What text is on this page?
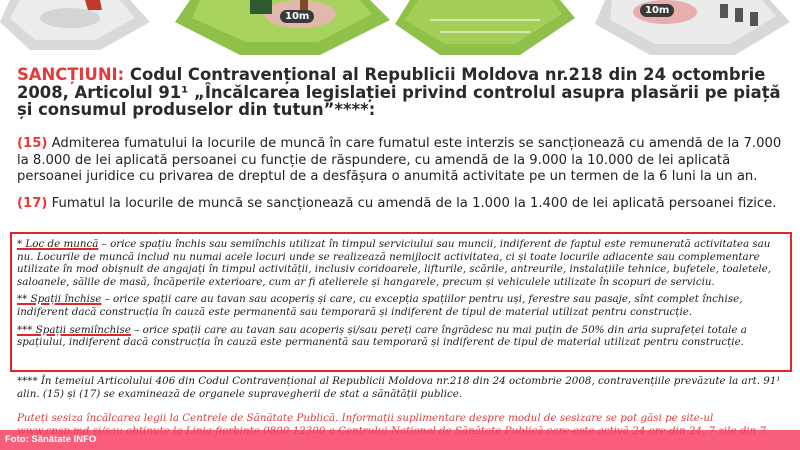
10m
10m
SANCȚIUNI: Codul Contravențional al Republicii Moldova nr.218 din 24 octombrie 2008, Articolul 91¹ „Încălcarea legislației privind controlul asupra plasării pe piață și consumul produselor din tutun”****:
(15) Admiterea fumatului la locurile de muncă în care fumatul este interzis se sancționează cu amendă de la 7.000 la 8.000 de lei aplicată persoanei cu funcție de răspundere, cu amendă de la 9.000 la 10.000 de lei aplicată persoanei juridice cu privarea de dreptul de a desfășura o anumită activitate pe un termen de la 6 luni la un an.
(17) Fumatul la locurile de muncă se sancționează cu amendă de la 1.000 la 1.400 de lei aplicată persoanei fizice.

* Loc de muncă – orice spațiu închis sau semiînchis utilizat în timpul serviciului sau muncii, indiferent de faptul este remunerată activitatea sau nu. Locurile de muncă includ nu numai acele locuri unde se realizează nemijlocit activitatea, ci și toate locurile adiacente sau complementare utilizate în mod obișnuit de angajați în timpul activității, inclusiv coridoarele, lifturile, scările, antreurile, instalațiile tehnice, bufetele, toaletele, saloanele, sălile de masă, încăperile exterioare, cum ar fi atelierele și hangarele, precum și vehiculele utilizate în scopuri de serviciu.

** Spații închise – orice spații care au tavan sau acoperiș și care, cu excepția spațiilor pentru uși, ferestre sau pasaje, sînt complet închise, indiferent dacă construcția în cauză este permanentă sau temporară și indiferent de tipul de material utilizat pentru construcție.

*** Spații semiînchise – orice spații care au tavan sau acoperiș și/sau pereți care îngrădesc nu mai puțin de 50% din aria suprafeței totale a spațiului, indiferent dacă construcția în cauză este permanentă sau temporară și indiferent de tipul de material utilizat pentru construcție.

**** În temeiul Articolului 406 din Codul Contravențional al Republicii Moldova nr.218 din 24 octombrie 2008, contravențiile prevăzute la art. 91¹ alin. (15) și (17) se examinează de organele supravegherii de stat a sănătății publice.

Puteți sesiza încălcarea legii la Centrele de Sănătate Publică. Informații suplimentare despre modul de sesizare se pot găsi pe site-ul

Foto: Sănătate INFO
